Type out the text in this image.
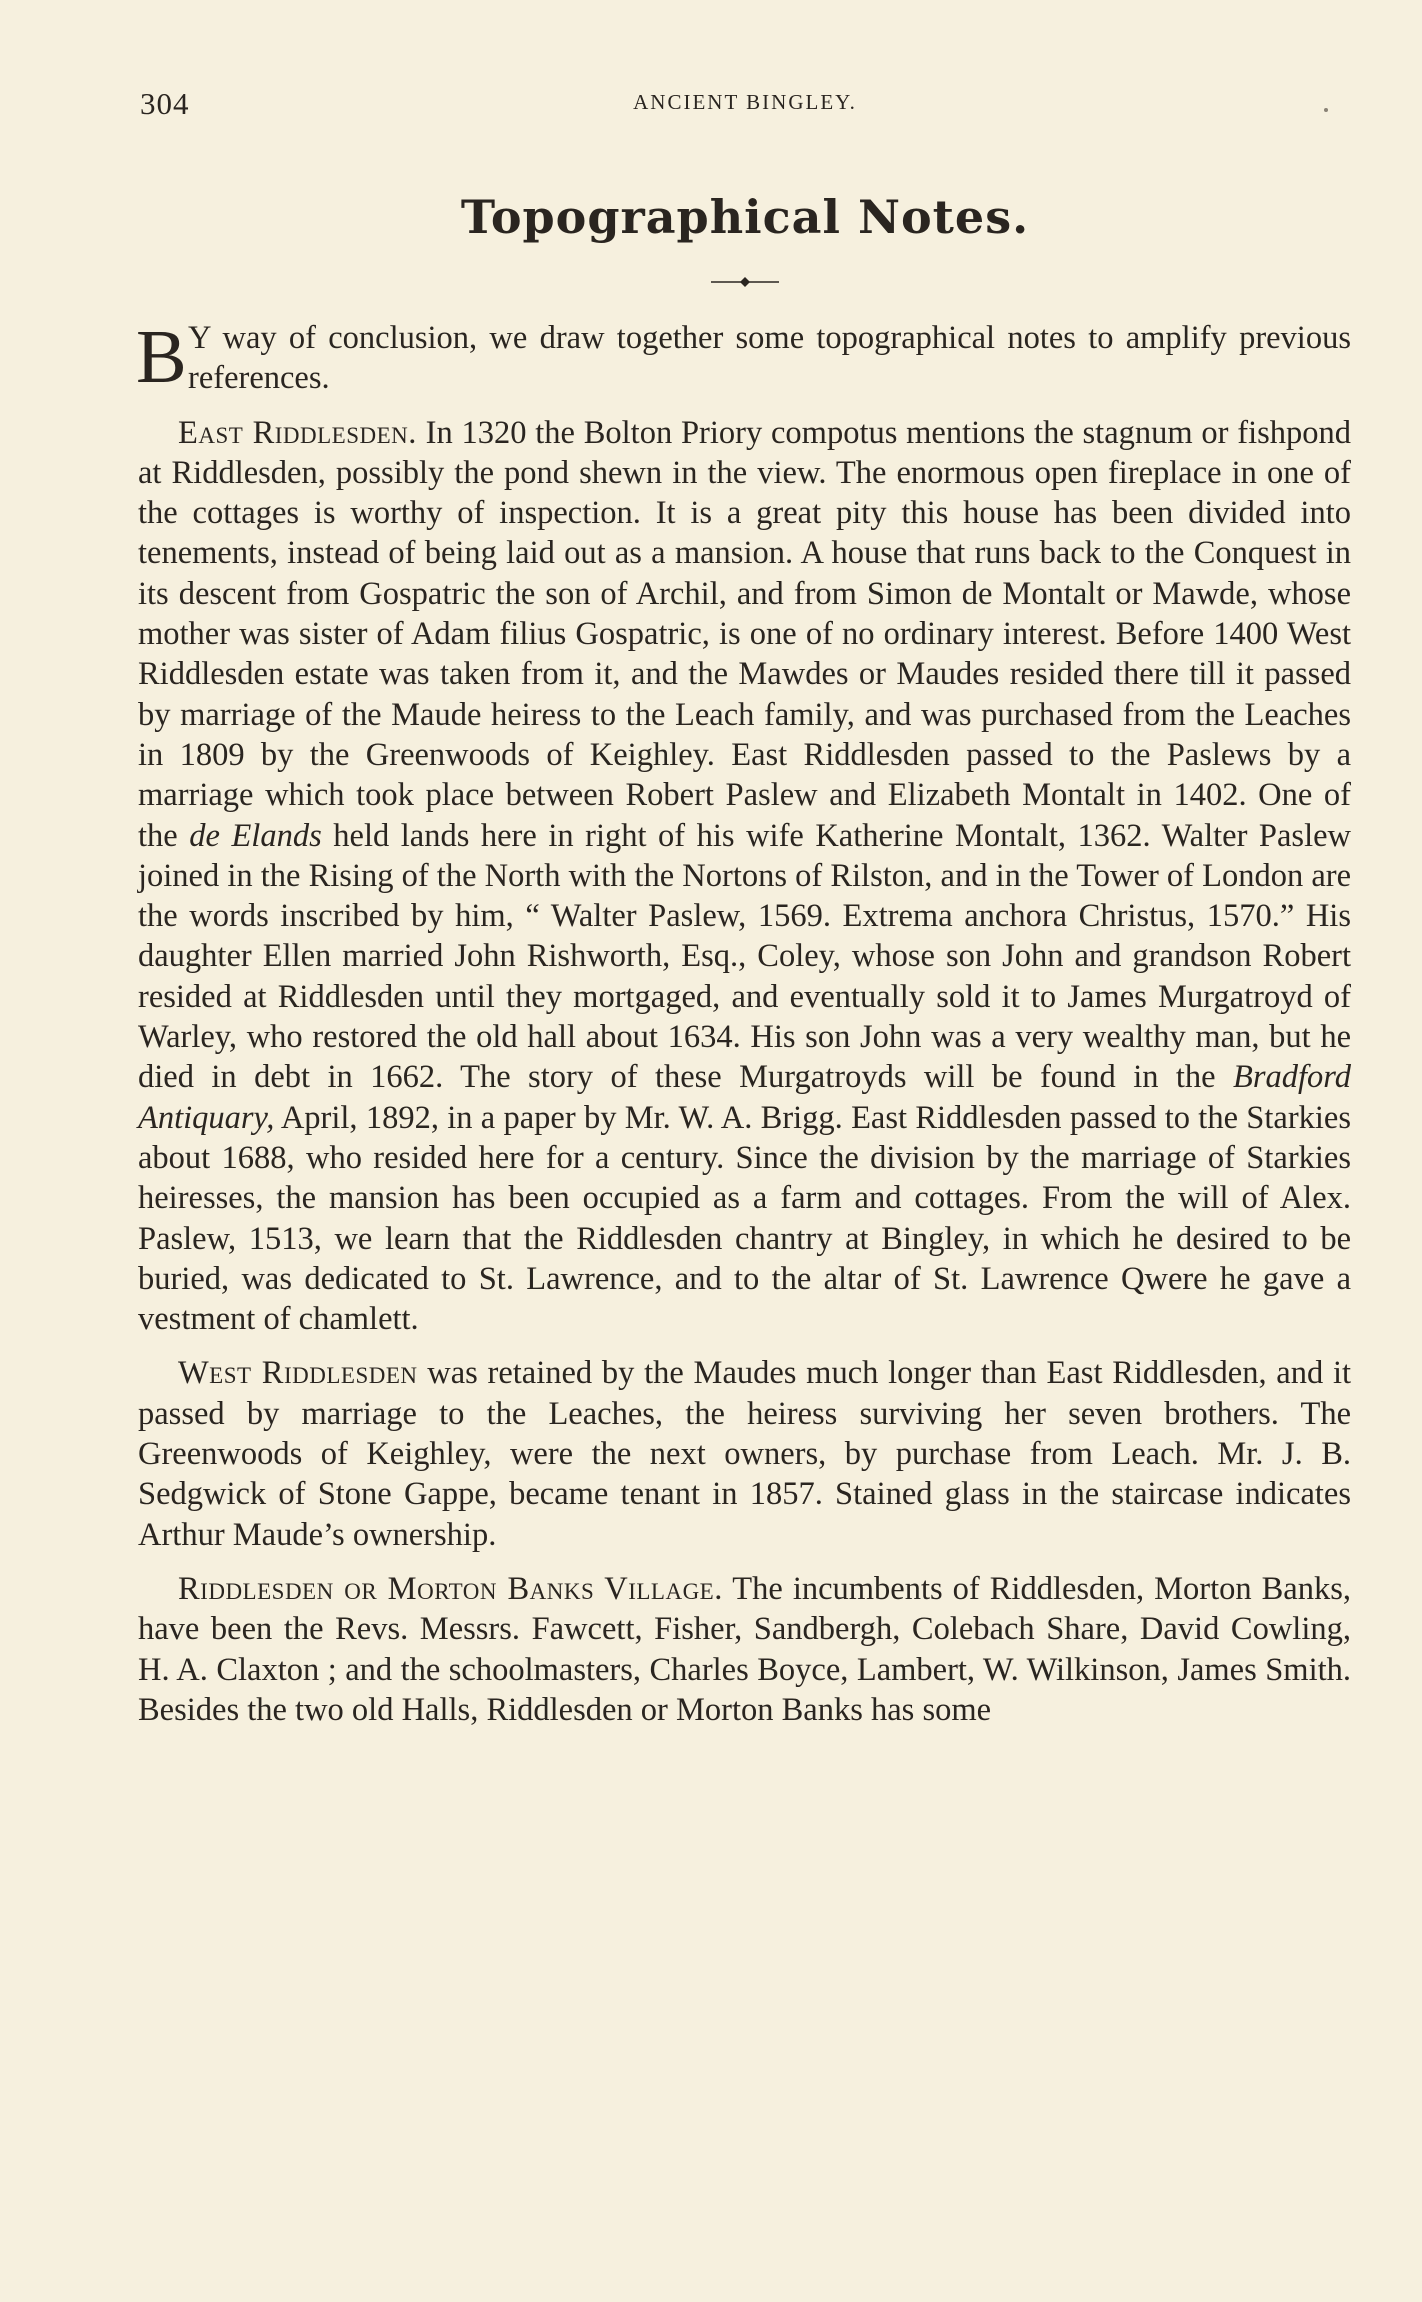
304	ANCIENT BINGLEY.
Topographical Notes.

B Y way of conclusion, we draw together some topographical notes to amplify previous references.

East Riddlesden. In 1320 the Bolton Priory compotus mentions the stagnum or fishpond at Riddlesden, possibly the pond shewn in the view. The enormous open fireplace in one of the cottages is worthy of inspection. It is a great pity this house has been divided into tenements, instead of being laid out as a mansion. A house that runs back to the Conquest in its descent from Gospatric the son of Archil, and from Simon de Montalt or Mawde, whose mother was sister of Adam filius Gospatric, is one of no ordinary interest. Before 1400 West Riddlesden estate was taken from it, and the Mawdes or Maudes resided there till it passed by marriage of the Maude heiress to the Leach family, and was purchased from the Leaches in 1809 by the Greenwoods of Keighley. East Riddlesden passed to the Paslews by a marriage which took place between Robert Paslew and Elizabeth Montalt in 1402. One of the de Elands held lands here in right of his wife Katherine Montalt, 1362. Walter Paslew joined in the Rising of the North with the Nortons of Rilston, and in the Tower of London are the words inscribed by him, “ Walter Paslew, 1569. Extrema anchora Christus, 1570.” His daughter Ellen married John Rishworth, Esq., Coley, whose son John and grandson Robert resided at Riddlesden until they mortgaged, and eventually sold it to James Murgatroyd of Warley, who restored the old hall about 1634. His son John was a very wealthy man, but he died in debt in 1662. The story of these Murgatroyds will be found in the Bradford Antiquary, April, 1892, in a paper by Mr. W. A. Brigg. East Riddlesden passed to the Starkies about 1688, who resided here for a century. Since the division by the marriage of Starkies heiresses, the mansion has been occupied as a farm and cottages. From the will of Alex. Paslew, 1513, we learn that the Riddlesden chantry at Bingley, in which he desired to be buried, was dedicated to St. Lawrence, and to the altar of St. Lawrence Qwere he gave a vestment of chamlett.

West Riddlesden was retained by the Maudes much longer than East Riddlesden, and it passed by marriage to the Leaches, the heiress surviving her seven brothers. The Greenwoods of Keighley, were the next owners, by purchase from Leach. Mr. J. B. Sedgwick of Stone Gappe, became tenant in 1857. Stained glass in the staircase indicates Arthur Maude’s ownership.

Riddlesden or Morton Banks Village. The incumbents of Riddlesden, Morton Banks, have been the Revs. Messrs. Fawcett, Fisher, Sandbergh, Colebach Share, David Cowling, H. A. Claxton ; and the schoolmasters, Charles Boyce, Lambert, W. Wilkinson, James Smith. Besides the two old Halls, Riddlesden or Morton Banks has some
